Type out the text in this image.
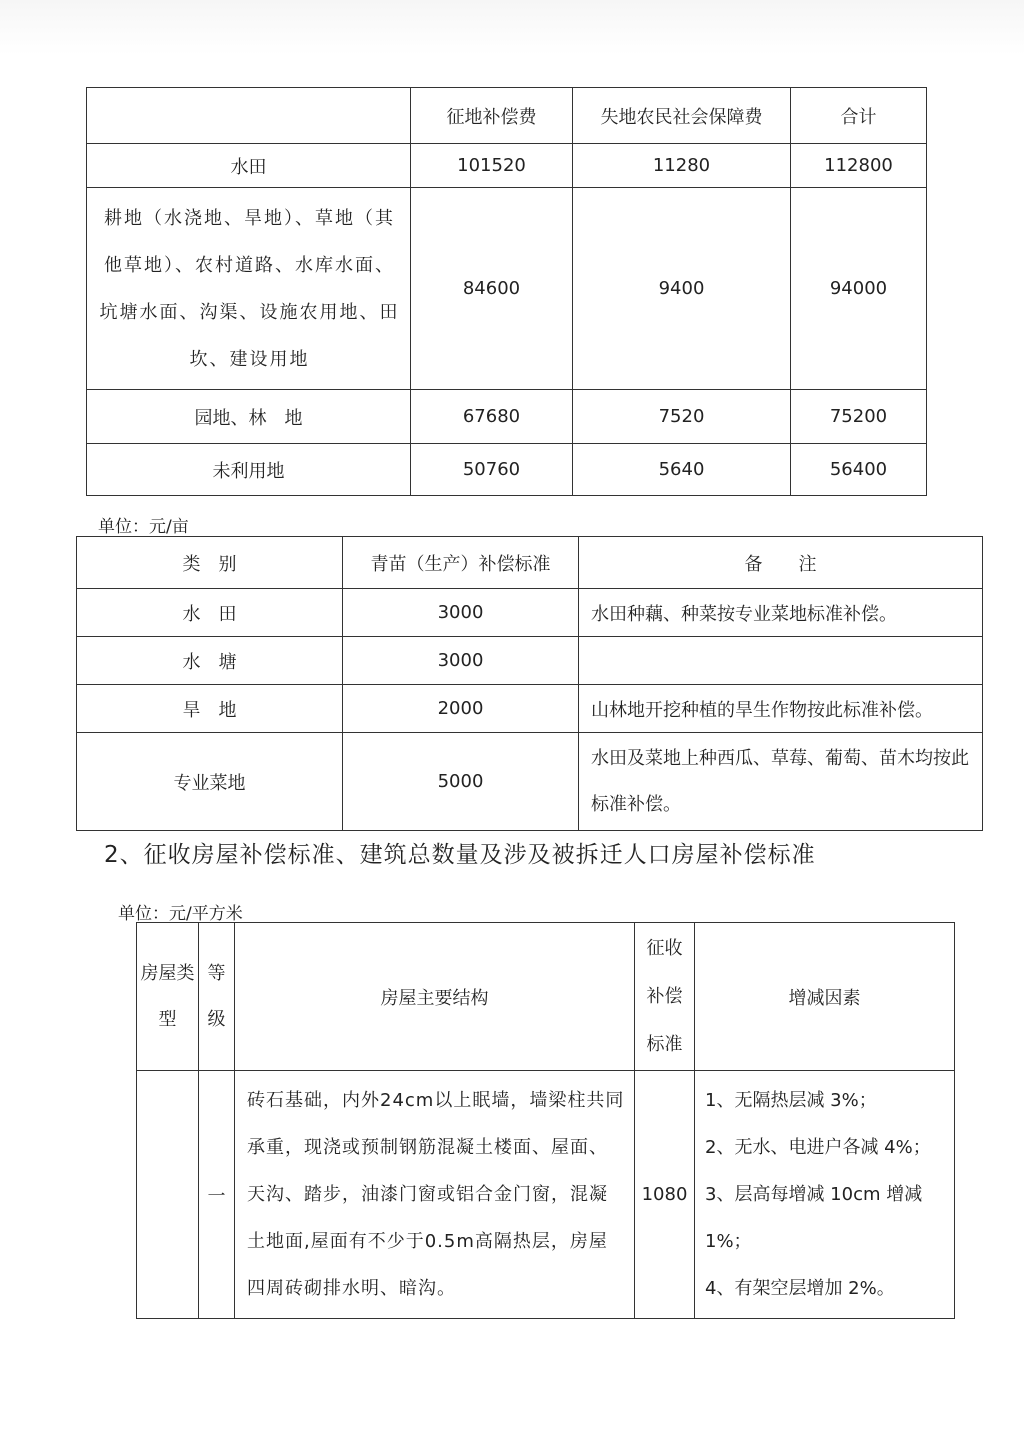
	征地补偿费	失地农民社会保障费	合计
水田	101520	11280	112800
耕地（水浇地、旱地）、草地（其他草地）、农村道路、水库水面、坑塘水面、沟渠、设施农用地、田坎、建设用地	84600	9400	94000
园地、林　地	67680	7520	75200
未利用地	50760	5640	56400
单位：元/亩
类　别	青苗（生产）补偿标准	备　　注
水　田	3000	水田种藕、种菜按专业菜地标准补偿。
水　塘	3000	
旱　地	2000	山林地开挖种植的旱生作物按此标准补偿。
专业菜地	5000	水田及菜地上种西瓜、草莓、葡萄、苗木均按此标准补偿。
2、征收房屋补偿标准、建筑总数量及涉及被拆迁人口房屋补偿标准
单位：元/平方米
房屋类型	等级	房屋主要结构	征收补偿标准	增减因素
	一	砖石基础，内外24cm以上眠墙，墙梁柱共同承重，现浇或预制钢筋混凝土楼面、屋面、天沟、踏步，油漆门窗或铝合金门窗，混凝土地面,屋面有不少于0.5m高隔热层，房屋四周砖砌排水明、暗沟。	1080	1、无隔热层减 3%；
2、无水、电进户各减 4%；
3、层高每增减 10cm 增减 1%；
4、有架空层增加 2%。
